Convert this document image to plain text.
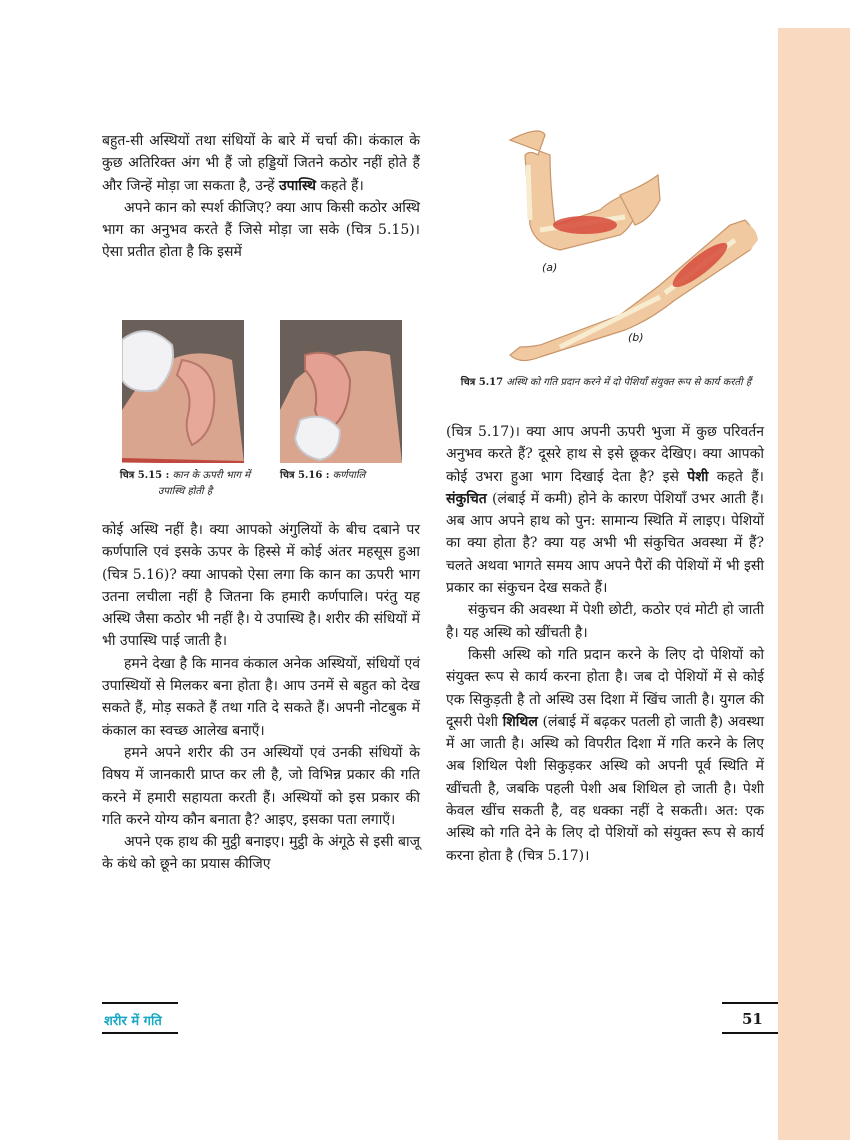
बहुत-सी अस्थियों तथा संधियों के बारे में चर्चा की। कंकाल के कुछ अतिरिक्त अंग भी हैं जो हड्डियों जितने कठोर नहीं होते हैं और जिन्हें मोड़ा जा सकता है, उन्हें उपास्थि कहते हैं।

अपने कान को स्पर्श कीजिए? क्या आप किसी कठोर अस्थि भाग का अनुभव करते हैं जिसे मोड़ा जा सके (चित्र 5.15)। ऐसा प्रतीत होता है कि इसमें

चित्र 5.15 : कान के ऊपरी भाग में उपास्थि होती है
चित्र 5.16 : कर्णपालि

कोई अस्थि नहीं है। क्या आपको अंगुलियों के बीच दबाने पर कर्णपालि एवं इसके ऊपर के हिस्से में कोई अंतर महसूस हुआ (चित्र 5.16)? क्या आपको ऐसा लगा कि कान का ऊपरी भाग उतना लचीला नहीं है जितना कि हमारी कर्णपालि। परंतु यह अस्थि जैसा कठोर भी नहीं है। ये उपास्थि है। शरीर की संधियों में भी उपास्थि पाई जाती है।

हमने देखा है कि मानव कंकाल अनेक अस्थियों, संधियों एवं उपास्थियों से मिलकर बना होता है। आप उनमें से बहुत को देख सकते हैं, मोड़ सकते हैं तथा गति दे सकते हैं। अपनी नोटबुक में कंकाल का स्वच्छ आलेख बनाएँ।

हमने अपने शरीर की उन अस्थियों एवं उनकी संधियों के विषय में जानकारी प्राप्त कर ली है, जो विभिन्न प्रकार की गति करने में हमारी सहायता करती हैं। अस्थियों को इस प्रकार की गति करने योग्य कौन बनाता है? आइए, इसका पता लगाएँ।

अपने एक हाथ की मुट्ठी बनाइए। मुट्ठी के अंगूठे से इसी बाजू के कंधे को छूने का प्रयास कीजिए

(a)
(b)
चित्र 5.17 अस्थि को गति प्रदान करने में दो पेशियाँ संयुक्त रूप से कार्य करती हैं

(चित्र 5.17)। क्या आप अपनी ऊपरी भुजा में कुछ परिवर्तन अनुभव करते हैं? दूसरे हाथ से इसे छूकर देखिए। क्या आपको कोई उभरा हुआ भाग दिखाई देता है? इसे पेशी कहते हैं। संकुचित (लंबाई में कमी) होने के कारण पेशियाँ उभर आती हैं। अब आप अपने हाथ को पुन: सामान्य स्थिति में लाइए। पेशियों का क्या होता है? क्या यह अभी भी संकुचित अवस्था में हैं? चलते अथवा भागते समय आप अपने पैरों की पेशियों में भी इसी प्रकार का संकुचन देख सकते हैं।

संकुचन की अवस्था में पेशी छोटी, कठोर एवं मोटी हो जाती है। यह अस्थि को खींचती है।

किसी अस्थि को गति प्रदान करने के लिए दो पेशियों को संयुक्त रूप से कार्य करना होता है। जब दो पेशियों में से कोई एक सिकुड़ती है तो अस्थि उस दिशा में खिंच जाती है। युगल की दूसरी पेशी शिथिल (लंबाई में बढ़कर पतली हो जाती है) अवस्था में आ जाती है। अस्थि को विपरीत दिशा में गति करने के लिए अब शिथिल पेशी सिकुड़कर अस्थि को अपनी पूर्व स्थिति में खींचती है, जबकि पहली पेशी अब शिथिल हो जाती है। पेशी केवल खींच सकती है, वह धक्का नहीं दे सकती। अत: एक अस्थि को गति देने के लिए दो पेशियों को संयुक्त रूप से कार्य करना होता है (चित्र 5.17)।

शरीर में गति	51
